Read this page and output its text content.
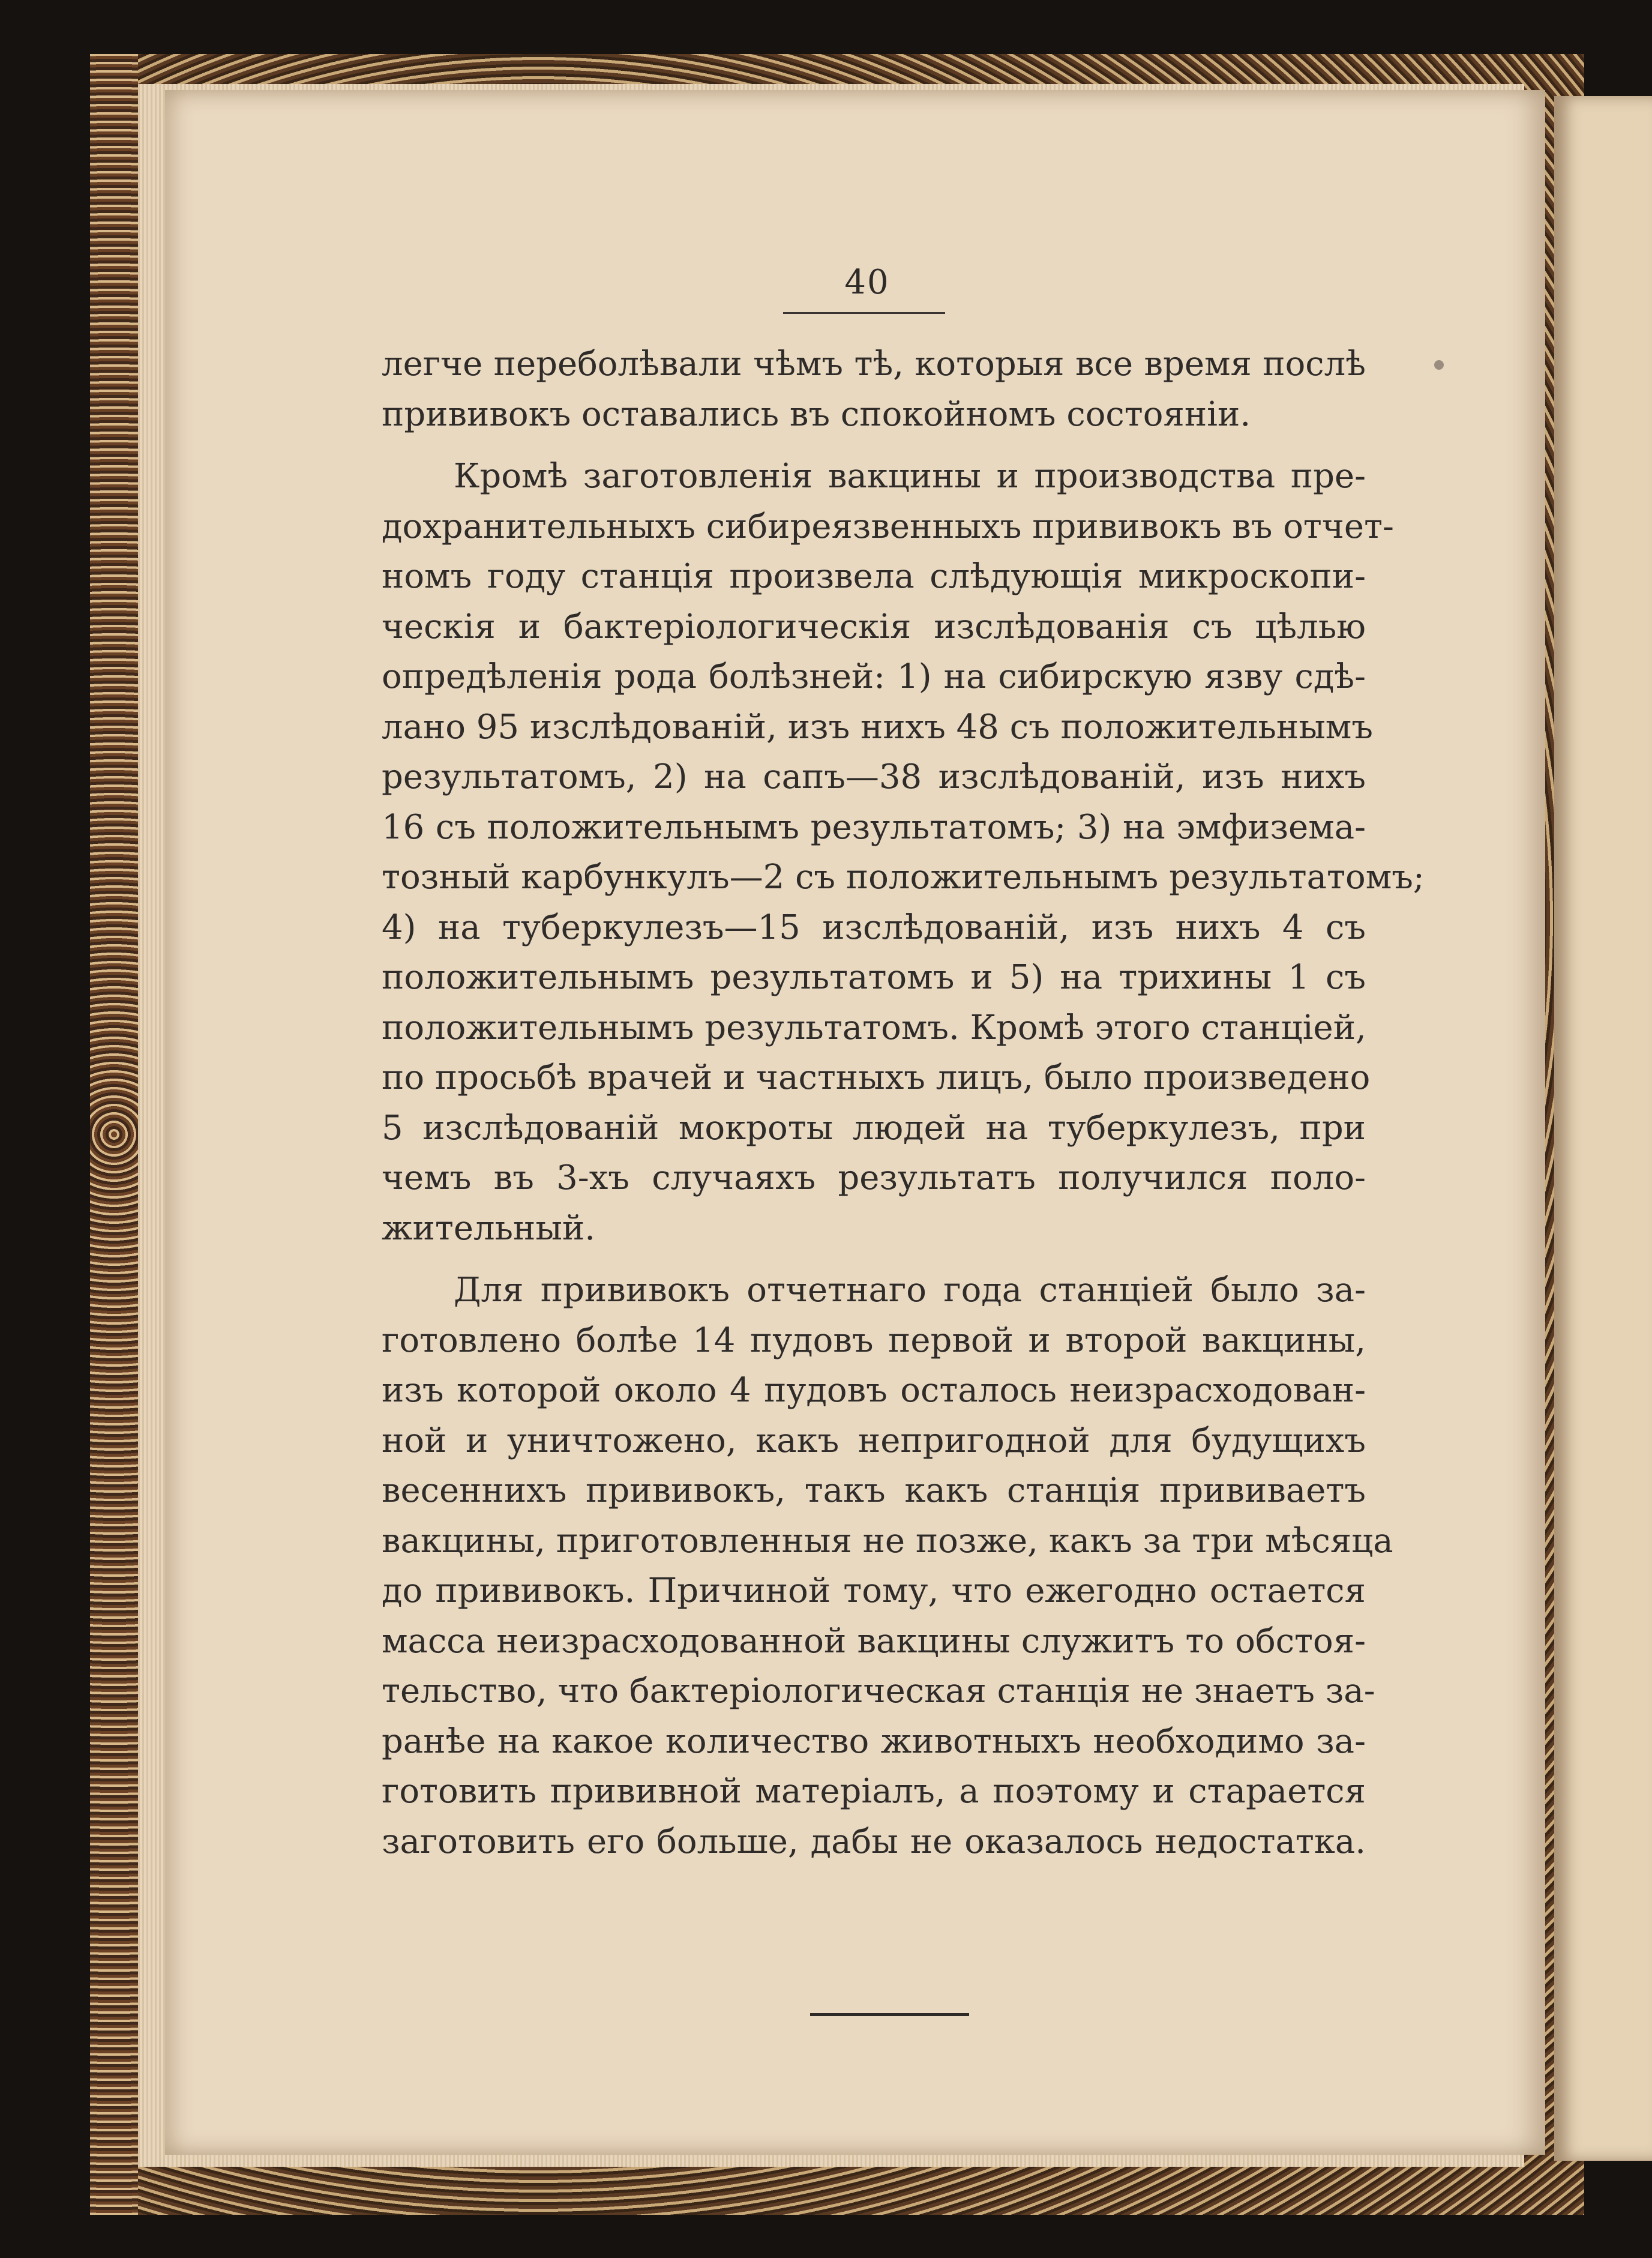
40
легче переболѣвали чѣмъ тѣ, которыя все время послѣ
прививокъ оставались въ спокойномъ состояніи.
Кромѣ заготовленія вакцины и производства пре-
дохранительныхъ сибиреязвенныхъ прививокъ въ отчет-
номъ году станція произвела слѣдующія микроскопи-
ческія и бактеріологическія изслѣдованія съ цѣлью
опредѣленія рода болѣзней: 1) на сибирскую язву сдѣ-
лано 95 изслѣдованій, изъ нихъ 48 съ положительнымъ
результатомъ, 2) на сапъ—38 изслѣдованій, изъ нихъ
16 съ положительнымъ результатомъ; 3) на эмфизема-
тозный карбункулъ—2 съ положительнымъ результатомъ;
4) на туберкулезъ—15 изслѣдованій, изъ нихъ 4 съ
положительнымъ результатомъ и 5) на трихины 1 съ
положительнымъ результатомъ. Кромѣ этого станціей,
по просьбѣ врачей и частныхъ лицъ, было произведено
5 изслѣдованій мокроты людей на туберкулезъ, при
чемъ въ 3-хъ случаяхъ результатъ получился поло-
жительный.
Для прививокъ отчетнаго года станціей было за-
готовлено болѣе 14 пудовъ первой и второй вакцины,
изъ которой около 4 пудовъ осталось неизрасходован-
ной и уничтожено, какъ непригодной для будущихъ
весеннихъ прививокъ, такъ какъ станція прививаетъ
вакцины, приготовленныя не позже, какъ за три мѣсяца
до прививокъ. Причиной тому, что ежегодно остается
масса неизрасходованной вакцины служитъ то обстоя-
тельство, что бактеріологическая станція не знаетъ за-
ранѣе на какое количество животныхъ необходимо за-
готовить прививной матеріалъ, а поэтому и старается
заготовить его больше, дабы не оказалось недостатка.
